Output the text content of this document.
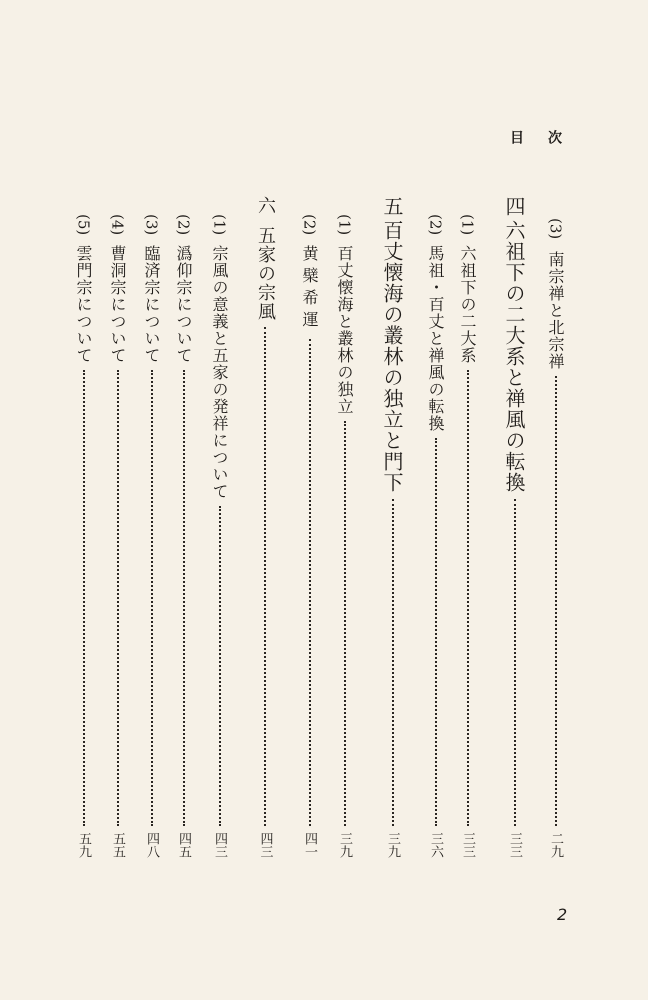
目 次
(3)
南宗禅と北宗禅
二九
四
六祖下の二大系と禅風の転換
三三
(1)
六祖下の二大系
三三
(2)
馬祖・百丈と禅風の転換
三六
五
百丈懐海の叢林の独立と門下
三九
(1)
百丈懐海と叢林の独立
三九
(2)
黄檗希運
四一
六
五家の宗風
四三
(1)
宗風の意義と五家の発祥について
四三
(2)
潙仰宗について
四五
(3)
臨済宗について
四八
(4)
曹洞宗について
五五
(5)
雲門宗について
五九
2
